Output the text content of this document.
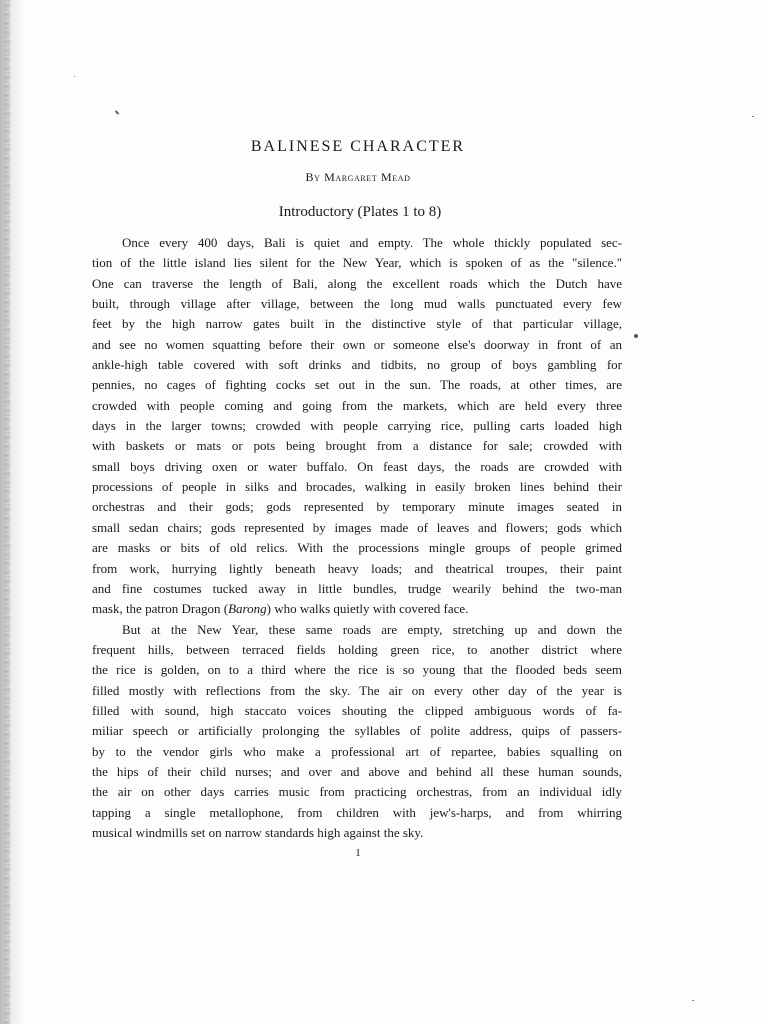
BALINESE CHARACTER

By Margaret Mead

Introductory (Plates 1 to 8)
Once every 400 days, Bali is quiet and empty. The whole thickly populated sec-
tion of the little island lies silent for the New Year, which is spoken of as the "silence."
One can traverse the length of Bali, along the excellent roads which the Dutch have
built, through village after village, between the long mud walls punctuated every few
feet by the high narrow gates built in the distinctive style of that particular village,
and see no women squatting before their own or someone else's doorway in front of an
ankle-high table covered with soft drinks and tidbits, no group of boys gambling for
pennies, no cages of fighting cocks set out in the sun. The roads, at other times, are
crowded with people coming and going from the markets, which are held every three
days in the larger towns; crowded with people carrying rice, pulling carts loaded high
with baskets or mats or pots being brought from a distance for sale; crowded with
small boys driving oxen or water buffalo. On feast days, the roads are crowded with
processions of people in silks and brocades, walking in easily broken lines behind their
orchestras and their gods; gods represented by temporary minute images seated in
small sedan chairs; gods represented by images made of leaves and flowers; gods which
are masks or bits of old relics. With the processions mingle groups of people grimed
from work, hurrying lightly beneath heavy loads; and theatrical troupes, their paint
and fine costumes tucked away in little bundles, trudge wearily behind the two-man
mask, the patron Dragon (Barong) who walks quietly with covered face.
But at the New Year, these same roads are empty, stretching up and down the
frequent hills, between terraced fields holding green rice, to another district where
the rice is golden, on to a third where the rice is so young that the flooded beds seem
filled mostly with reflections from the sky. The air on every other day of the year is
filled with sound, high staccato voices shouting the clipped ambiguous words of fa-
miliar speech or artificially prolonging the syllables of polite address, quips of passers-
by to the vendor girls who make a professional art of repartee, babies squalling on
the hips of their child nurses; and over and above and behind all these human sounds,
the air on other days carries music from practicing orchestras, from an individual idly
tapping a single metallophone, from children with jew's-harps, and from whirring
musical windmills set on narrow standards high against the sky.
1
